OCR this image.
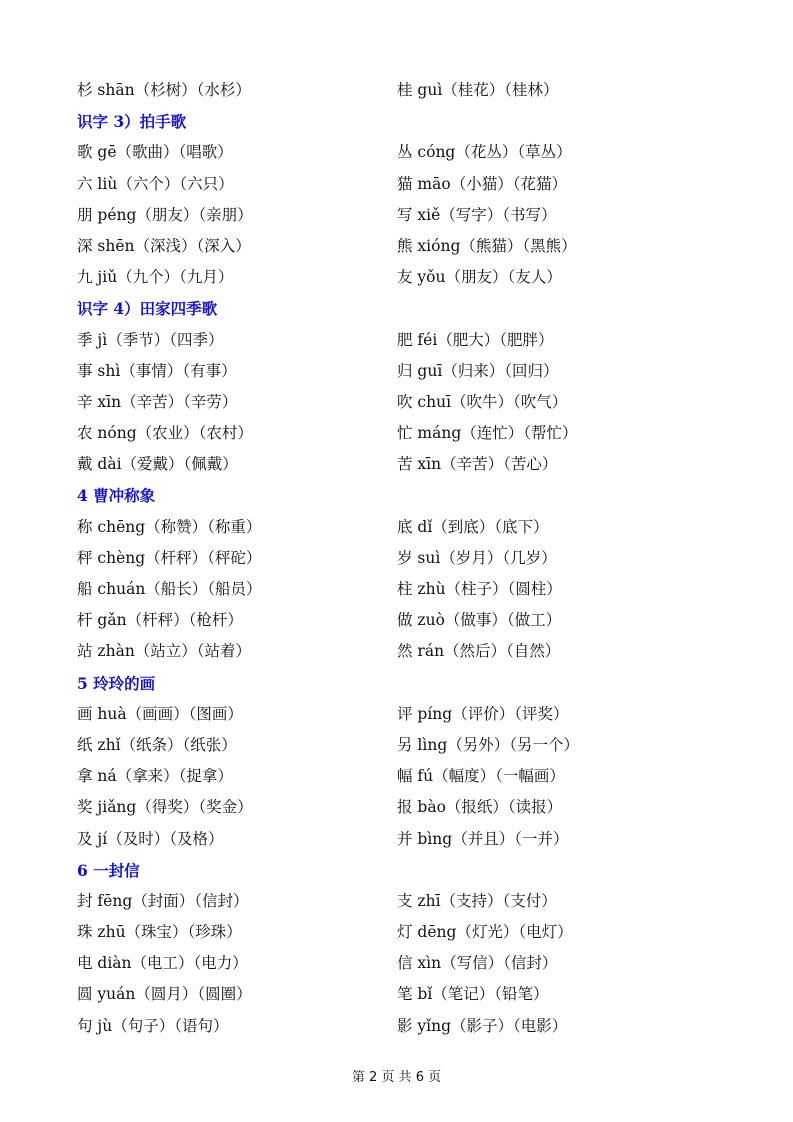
杉 shān（杉树）（水杉）	桂 guì（桂花）（桂林）
识字 3）拍手歌
歌 gē（歌曲）（唱歌）	丛 cóng（花丛）（草丛）
六 liù（六个）（六只）	猫 māo（小猫）（花猫）
朋 péng（朋友）（亲朋）	写 xiě（写字）（书写）
深 shēn（深浅）（深入）	熊 xióng（熊猫）（黑熊）
九 jiǔ（九个）（九月）	友 yǒu（朋友）（友人）
识字 4）田家四季歌
季 jì（季节）（四季）	肥 féi（肥大）（肥胖）
事 shì（事情）（有事）	归 guī（归来）（回归）
辛 xīn（辛苦）（辛劳）	吹 chuī（吹牛）（吹气）
农 nóng（农业）（农村）	忙 máng（连忙）（帮忙）
戴 dài（爱戴）（佩戴）	苦 xīn（辛苦）（苦心）
4 曹冲称象
称 chēng（称赞）（称重）	底 dǐ（到底）（底下）
秤 chèng（杆秤）（秤砣）	岁 suì（岁月）（几岁）
船 chuán（船长）（船员）	柱 zhù（柱子）（圆柱）
杆 gǎn（杆秤）（枪杆）	做 zuò（做事）（做工）
站 zhàn（站立）（站着）	然 rán（然后）（自然）
5 玲玲的画
画 huà（画画）（图画）	评 píng（评价）（评奖）
纸 zhǐ（纸条）（纸张）	另 lìng（另外）（另一个）
拿 ná（拿来）（捉拿）	幅 fú（幅度）（一幅画）
奖 jiǎng（得奖）（奖金）	报 bào（报纸）（读报）
及 jí（及时）（及格）	并 bìng（并且）（一并）
6 一封信
封 fēng（封面）（信封）	支 zhī（支持）（支付）
珠 zhū（珠宝）（珍珠）	灯 dēng（灯光）（电灯）
电 diàn（电工）（电力）	信 xìn（写信）（信封）
圆 yuán（圆月）（圆圈）	笔 bǐ（笔记）（铅笔）
句 jù（句子）（语句）	影 yǐng（影子）（电影）
第 2 页 共 6 页
